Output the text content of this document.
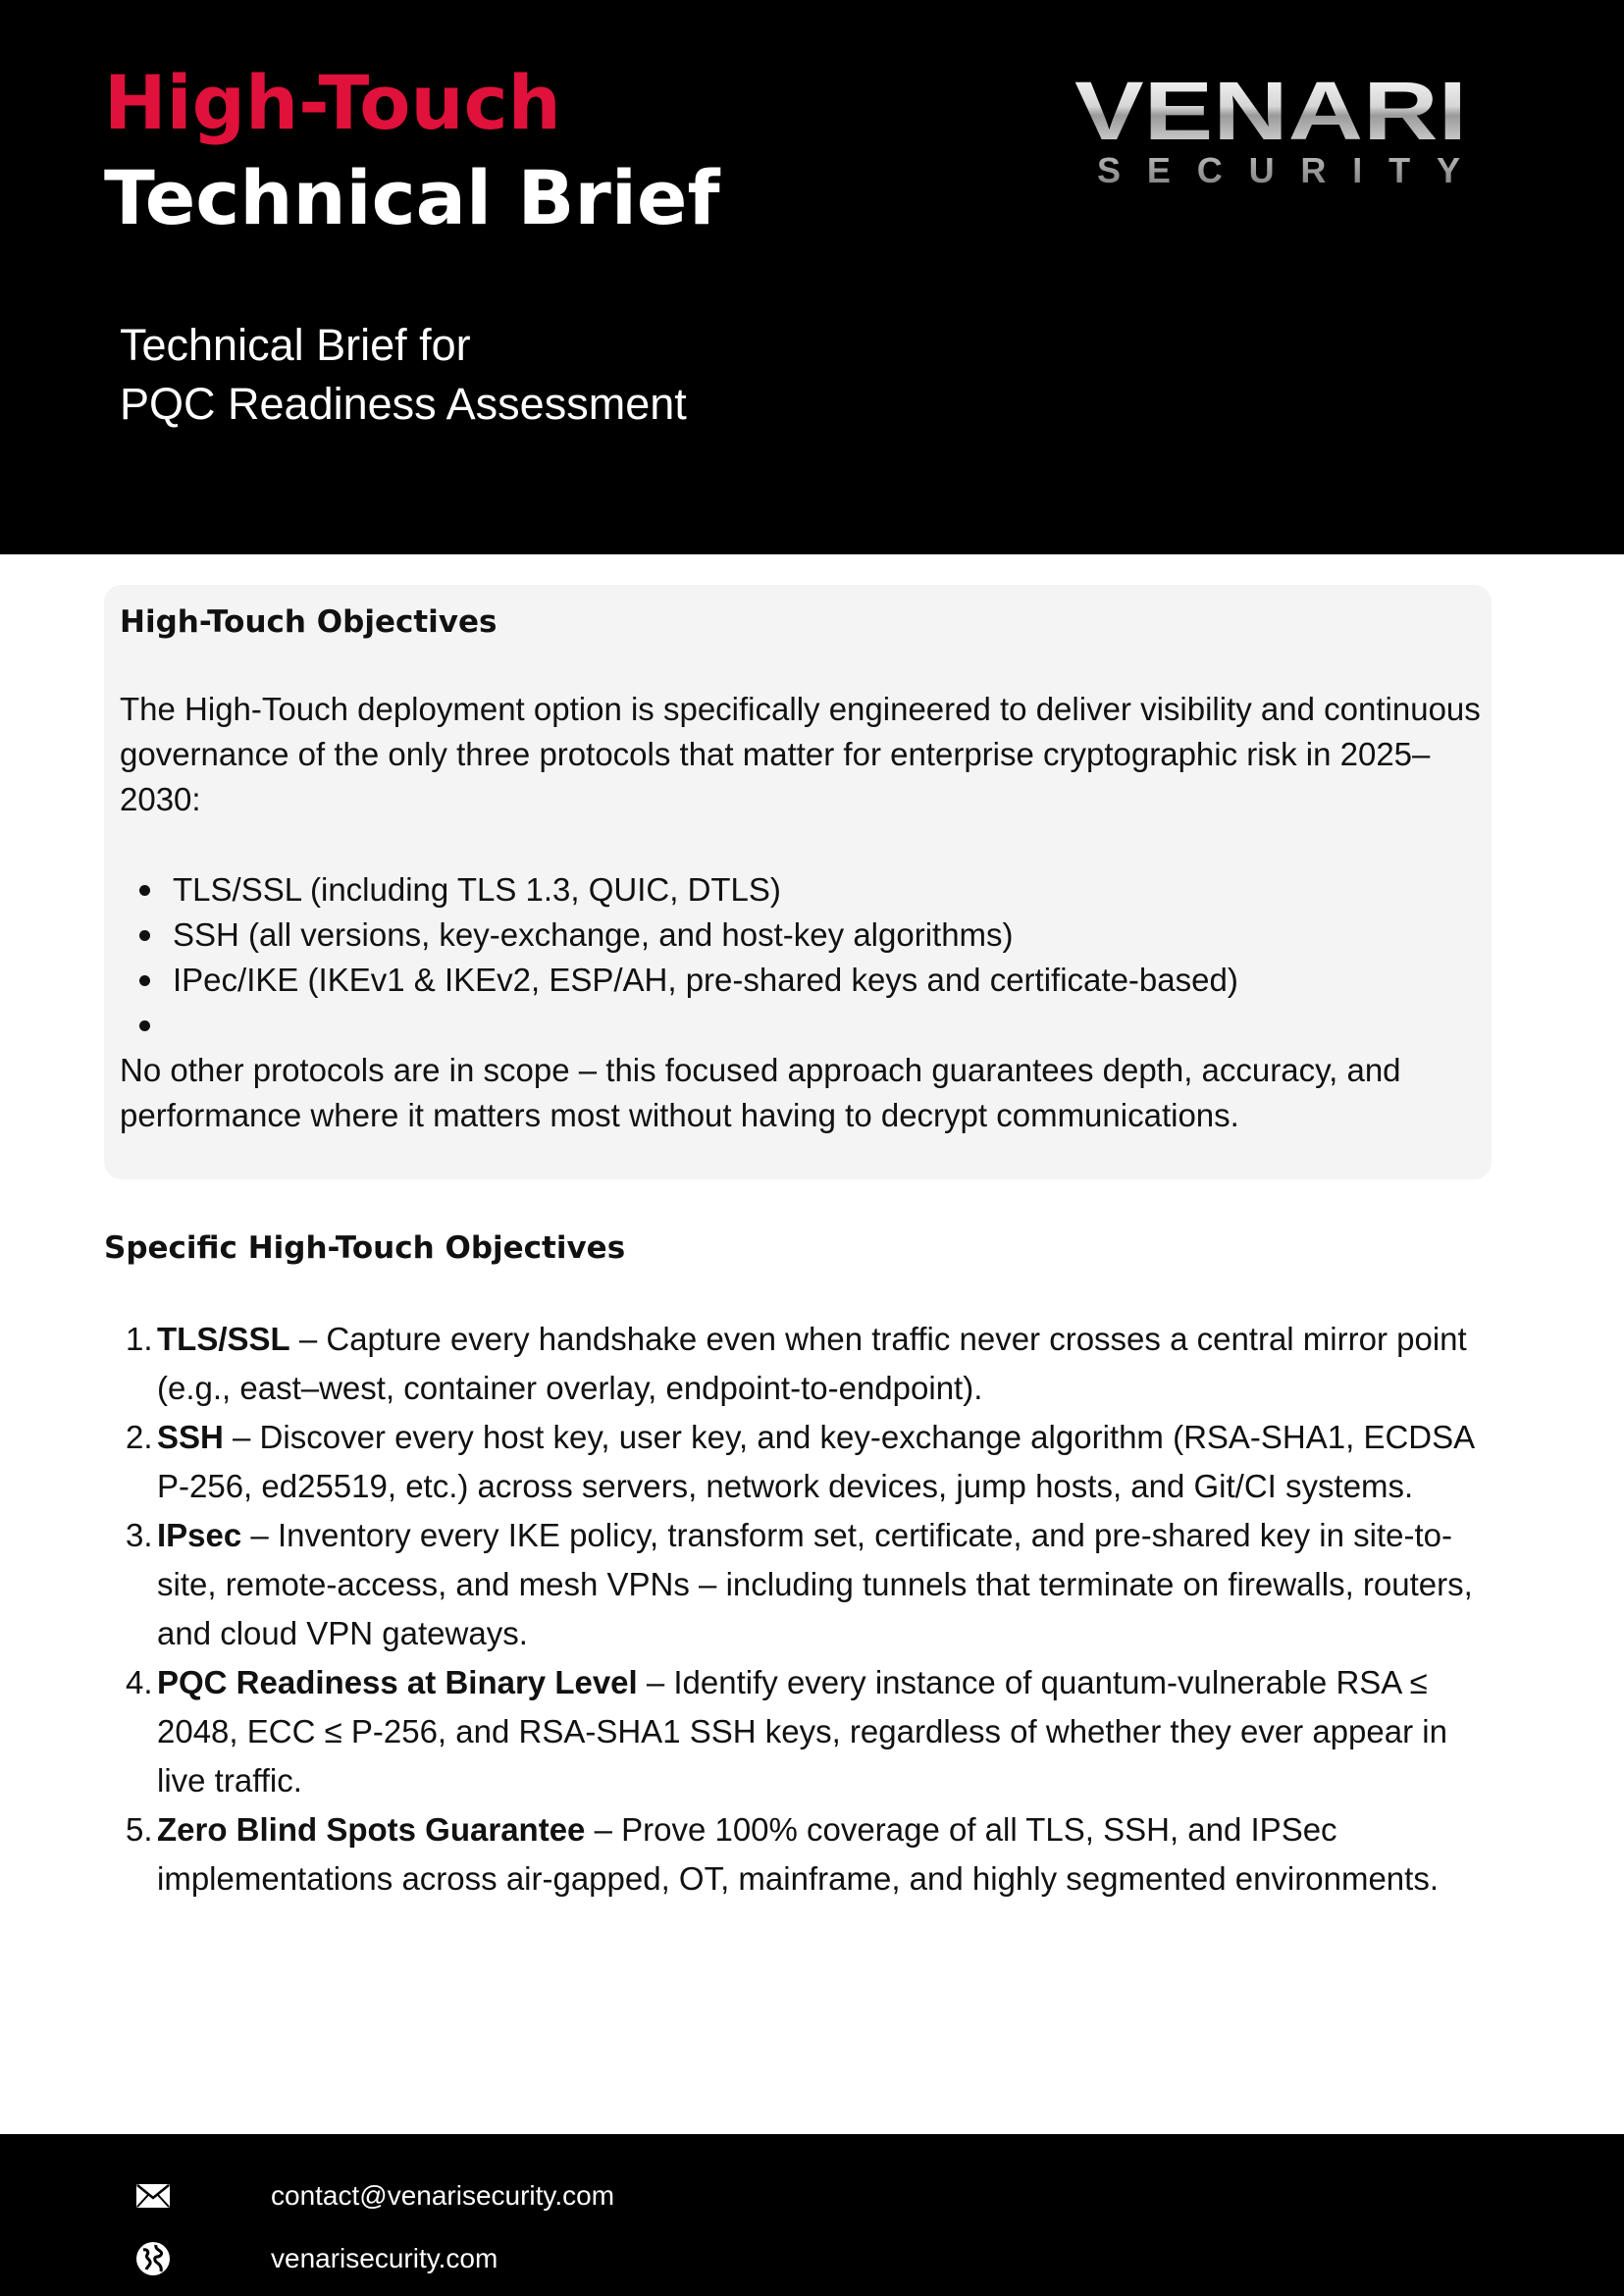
High-Touch
Technical Brief
Technical Brief for
PQC Readiness Assessment
VENARI
SECURITY
High-Touch Objectives
The High-Touch deployment option is specifically engineered to deliver visibility and continuous governance of the only three protocols that matter for enterprise cryptographic risk in 2025–2030:
TLS/SSL (including TLS 1.3, QUIC, DTLS)
SSH (all versions, key-exchange, and host-key algorithms)
IPec/IKE (IKEv1 & IKEv2, ESP/AH, pre-shared keys and certificate-based)
No other protocols are in scope – this focused approach guarantees depth, accuracy, and performance where it matters most without having to decrypt communications.
Specific High-Touch Objectives
1. TLS/SSL – Capture every handshake even when traffic never crosses a central mirror point (e.g., east–west, container overlay, endpoint-to-endpoint).
2. SSH – Discover every host key, user key, and key-exchange algorithm (RSA-SHA1, ECDSA P-256, ed25519, etc.) across servers, network devices, jump hosts, and Git/CI systems.
3. IPsec – Inventory every IKE policy, transform set, certificate, and pre-shared key in site-to-site, remote-access, and mesh VPNs – including tunnels that terminate on firewalls, routers, and cloud VPN gateways.
4. PQC Readiness at Binary Level – Identify every instance of quantum-vulnerable RSA ≤ 2048, ECC ≤ P-256, and RSA-SHA1 SSH keys, regardless of whether they ever appear in live traffic.
5. Zero Blind Spots Guarantee – Prove 100% coverage of all TLS, SSH, and IPSec implementations across air-gapped, OT, mainframe, and highly segmented environments.
contact@venarisecurity.com
venarisecurity.com
